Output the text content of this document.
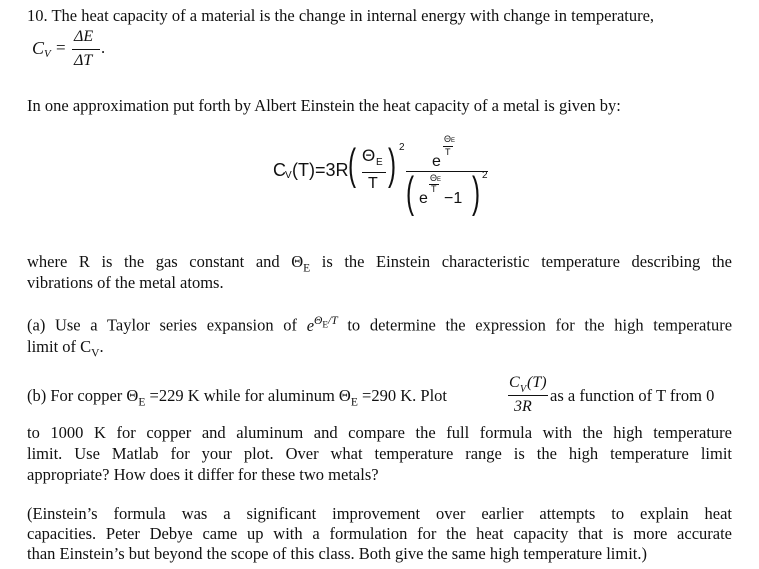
10. The heat capacity of a material is the change in internal energy with change in temperature,
C V =
ΔE
ΔT
.
In one approximation put forth by Albert Einstein the heat capacity of a metal is given by:
C V (T)=3R ( Θ E
T ) 2
e
ΘE
T
( e
ΘE
T
−1 ) 2
where R is the gas constant and $\Theta_E$ is the Einstein characteristic temperature describing the
vibrations of the metal atoms.
(a) Use a Taylor series expansion of $e^{\Theta_E/T}$ to determine the expression for the high temperature
limit of $C_V$.
(b) For copper $\Theta_E =229$ K while for aluminum $\Theta_E =290$ K. Plot
C V (T)
3R
as a function of T from 0
to 1000 K for copper and aluminum and compare the full formula with the high temperature
limit. Use Matlab for your plot. Over what temperature range is the high temperature limit
appropriate? How does it differ for these two metals?
(Einstein’s formula was a significant improvement over earlier attempts to explain heat
capacities. Peter Debye came up with a formulation for the heat capacity that is more accurate
than Einstein’s but beyond the scope of this class. Both give the same high temperature limit.)
